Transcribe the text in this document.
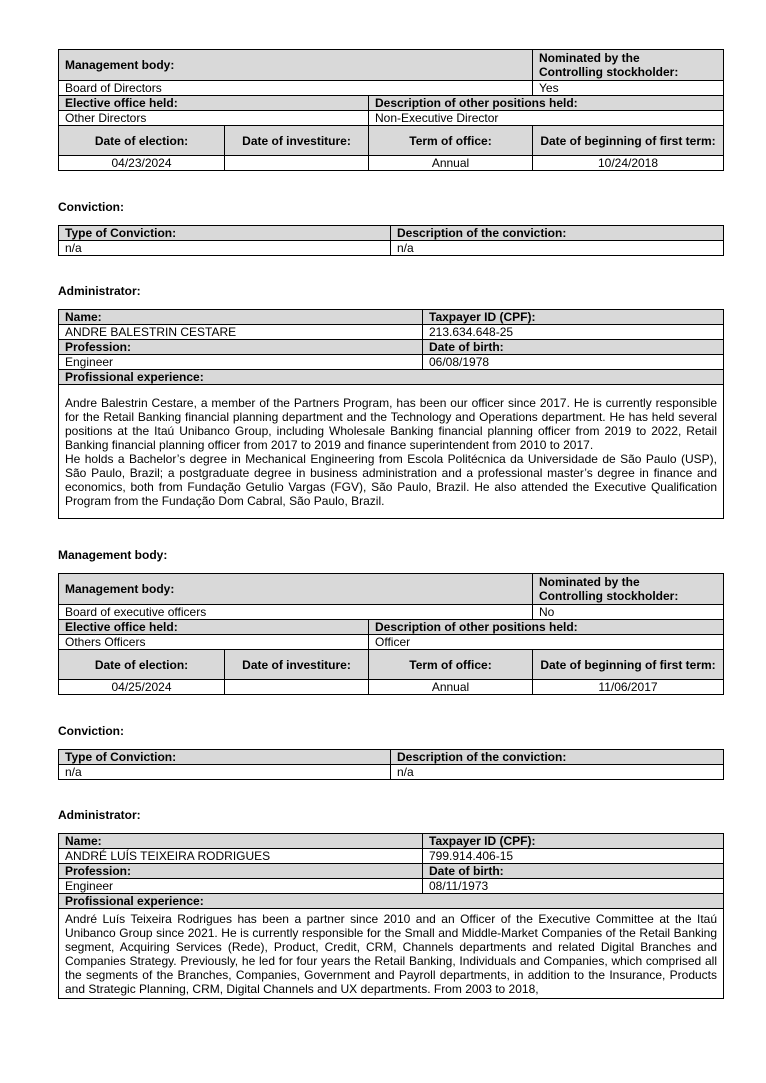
Management body:			Nominated by the
Controlling stockholder:
Board of Directors			Yes
Elective office held:		Description of other positions held:	
Other Directors		Non-Executive Director	
Date of election:	Date of investiture:	Term of office:	Date of beginning of first term:
04/23/2024		Annual	10/24/2018

Conviction:

Type of Conviction:	Description of the conviction:
n/a	n/a

Administrator:

Name:	Taxpayer ID (CPF):
ANDRE BALESTRIN CESTARE	213.634.648-25
Profession:	Date of birth:
Engineer	06/08/1978
Profissional experience:	

Andre Balestrin Cestare, a member of the Partners Program, has been our officer since 2017. He is currently responsible for the Retail Banking financial planning department and the Technology and Operations department. He has held several positions at the Itaú Unibanco Group, including Wholesale Banking financial planning officer from 2019 to 2022, Retail Banking financial planning officer from 2017 to 2019 and finance superintendent from 2010 to 2017.
He holds a Bachelor’s degree in Mechanical Engineering from Escola Politécnica da Universidade de São Paulo (USP), São Paulo, Brazil; a postgraduate degree in business administration and a professional master’s degree in finance and economics, both from Fundação Getulio Vargas (FGV), São Paulo, Brazil. He also attended the Executive Qualification Program from the Fundação Dom Cabral, São Paulo, Brazil.	

Management body:

Management body:			Nominated by the
Controlling stockholder:
Board of executive officers			No
Elective office held:		Description of other positions held:	
Others Officers		Officer	
Date of election:	Date of investiture:	Term of office:	Date of beginning of first term:
04/25/2024		Annual	11/06/2017

Conviction:

Type of Conviction:	Description of the conviction:
n/a	n/a

Administrator:

Name:	Taxpayer ID (CPF):
ANDRÉ LUÍS TEIXEIRA RODRIGUES	799.914.406-15
Profession:	Date of birth:
Engineer	08/11/1973
Profissional experience:	

André Luís Teixeira Rodrigues has been a partner since 2010 and an Officer of the Executive Committee at the Itaú Unibanco Group since 2021. He is currently responsible for the Small and Middle-Market Companies of the Retail Banking segment, Acquiring Services (Rede), Product, Credit, CRM, Channels departments and related Digital Branches and Companies Strategy. Previously, he led for four years the Retail Banking, Individuals and Companies, which comprised all the segments of the Branches, Companies, Government and Payroll departments, in addition to the Insurance, Products and Strategic Planning, CRM, Digital Channels and UX departments. From 2003 to 2018,	
